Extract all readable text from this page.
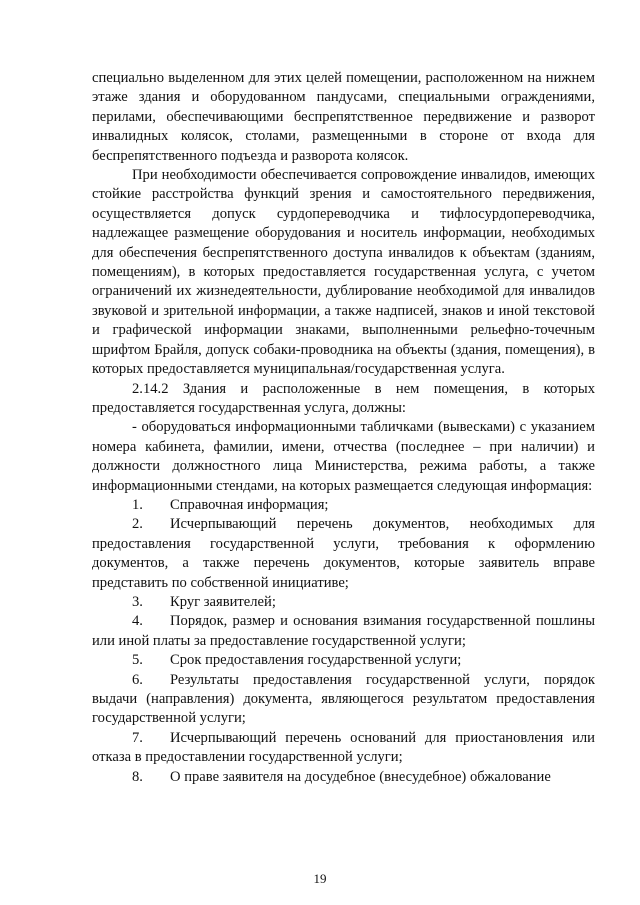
специально выделенном для этих целей помещении, расположенном на нижнем этаже здания и оборудованном пандусами, специальными ограждениями, перилами, обеспечивающими беспрепятственное передвижение и разворот инвалидных колясок, столами, размещенными в стороне от входа для беспрепятственного подъезда и разворота колясок.

При необходимости обеспечивается сопровождение инвалидов, имеющих стойкие расстройства функций зрения и самостоятельного передвижения, осуществляется допуск сурдопереводчика и тифлосурдопереводчика, надлежащее размещение оборудования и носитель информации, необходимых для обеспечения беспрепятственного доступа инвалидов к объектам (зданиям, помещениям), в которых предоставляется государственная услуга, с учетом ограничений их жизнедеятельности, дублирование необходимой для инвалидов звуковой и зрительной информации, а также надписей, знаков и иной текстовой и графической информации знаками, выполненными рельефно-точечным шрифтом Брайля, допуск собаки-проводника на объекты (здания, помещения), в которых предоставляется муниципальная/государственная услуга.

2.14.2 Здания и расположенные в нем помещения, в которых предоставляется государственная услуга, должны:

- оборудоваться информационными табличками (вывесками) с указанием номера кабинета, фамилии, имени, отчества (последнее – при наличии) и должности должностного лица Министерства, режима работы, а также информационными стендами, на которых размещается следующая информация:

1. Справочная информация;

2. Исчерпывающий перечень документов, необходимых для предоставления государственной услуги, требования к оформлению документов, а также перечень документов, которые заявитель вправе представить по собственной инициативе;

3. Круг заявителей;

4. Порядок, размер и основания взимания государственной пошлины или иной платы за предоставление государственной услуги;

5. Срок предоставления государственной услуги;

6. Результаты предоставления государственной услуги, порядок выдачи (направления) документа, являющегося результатом предоставления государственной услуги;

7. Исчерпывающий перечень оснований для приостановления или отказа в предоставлении государственной услуги;

8. О праве заявителя на досудебное (внесудебное) обжалование

19
